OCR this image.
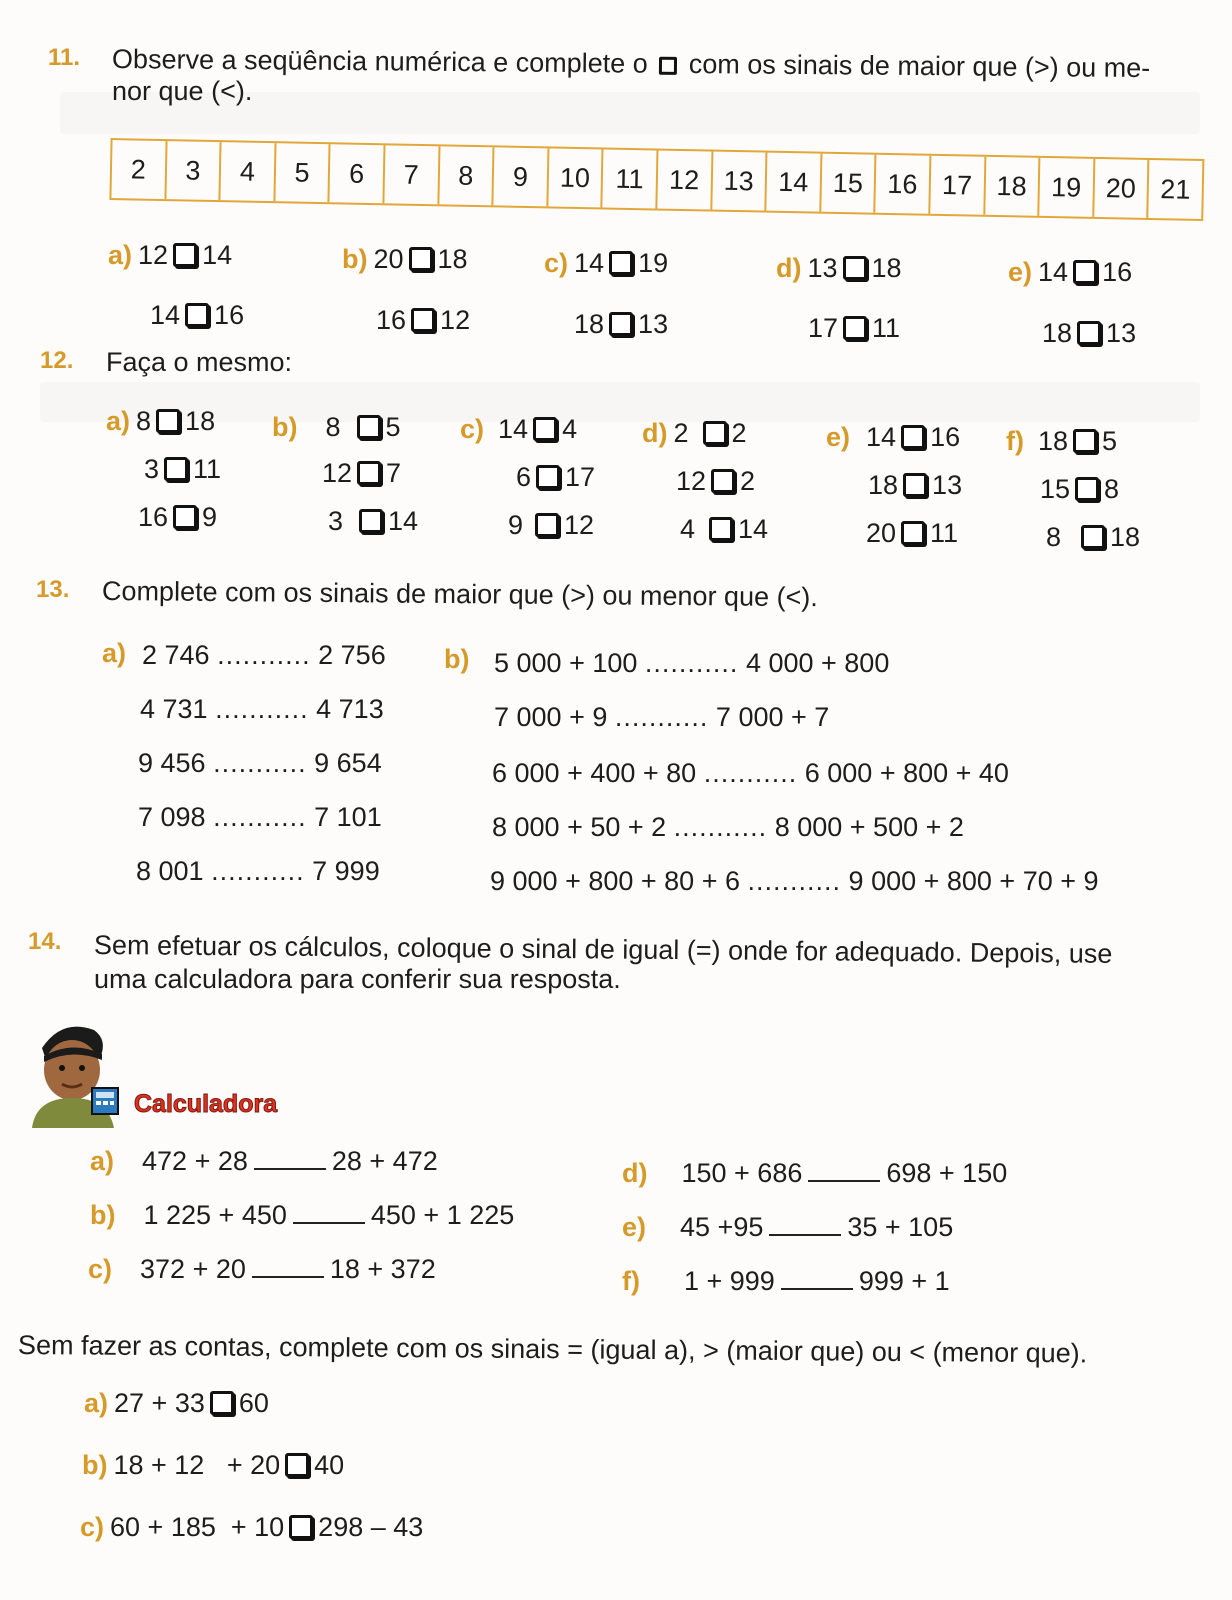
11. Observe a seqüência numérica e complete o com os sinais de maior que (>) ou me-
nor que (<).
2	3	4	5	6	7	8	9	10 11 12 13 14 15 16 17 18 19 20 21
a) 12 14
14 16
b) 20 18
16 12
c) 14 19
18 13
d) 13 18
17 11
e) 14 16
18 13
12. Faça o mesmo:
a) 8 18
3 11
16 9
b) 8 5
12 7
3 14
c) 14 4
6 17
9 12
d) 2 2
12 2
4 14
e) 14 16
18 13
20 11
f) 18 5
15 8
8 18
13. Complete com os sinais de maior que (>) ou menor que (<).
a) 2 746 ........... 2 756
4 731 ........... 4 713
9 456 ........... 9 654
7 098 ........... 7 101
8 001 ........... 7 999
b) 5 000 + 100 ........... 4 000 + 800
7 000 + 9 ........... 7 000 + 7
6 000 + 400 + 80 ........... 6 000 + 800 + 40
8 000 + 50 + 2 ........... 8 000 + 500 + 2
9 000 + 800 + 80 + 6 ........... 9 000 + 800 + 70 + 9
14. Sem efetuar os cálculos, coloque o sinal de igual (=) onde for adequado. Depois, use
uma calculadora para conferir sua resposta.
Calculadora
a) 472 + 28	28 + 472
b) 1 225 + 450	450 + 1 225
c) 372 + 20	18 + 372
d) 150 + 686	698 + 150
e) 45 +95	35 + 105
f) 1 + 999	999 + 1
Sem fazer as contas, complete com os sinais = (igual a), > (maior que) ou < (menor que).
a) 27 + 33 60
b) 18 + 12   + 20 40
c) 60 + 185  + 10 298 – 43
